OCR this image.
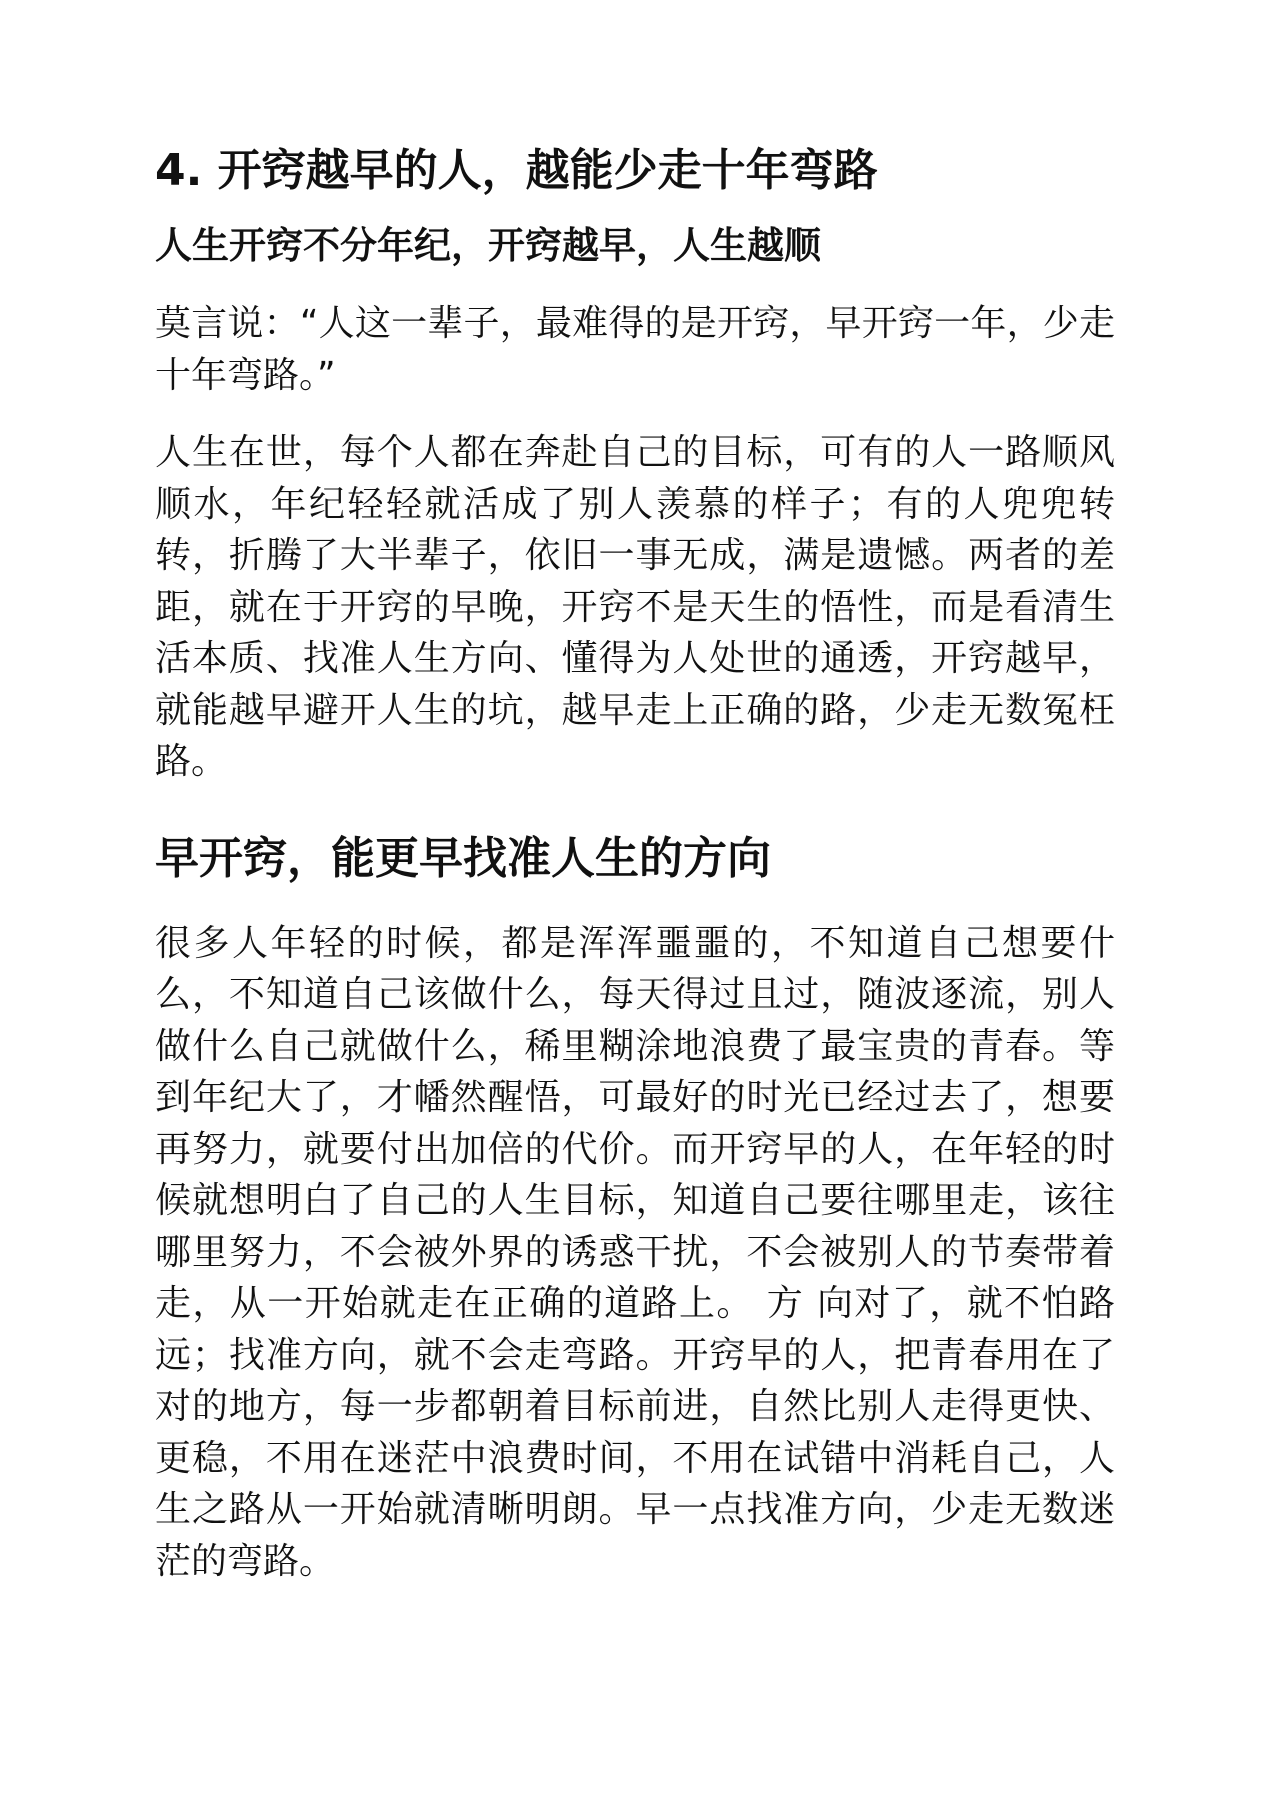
4. 开窍越早的人，越能少走十年弯路
人生开窍不分年纪，开窍越早，人生越顺

莫言说：“人这一辈子，最难得的是开窍，早开窍一年，少走十年弯路。”

人生在世，每个人都在奔赴自己的目标，可有的人一路顺风顺水，年纪轻轻就活成了别人羡慕的样子；有的人兜兜转转，折腾了大半辈子，依旧一事无成，满是遗憾。两者的差距，就在于开窍的早晚，开窍不是天生的悟性，而是看清生活本质、找准人生方向、懂得为人处世的通透，开窍越早，就能越早避开人生的坑，越早走上正确的路，少走无数冤枉路。

早开窍，能更早找准人生的方向

很多人年轻的时候，都是浑浑噩噩的，不知道自己想要什么，不知道自己该做什么，每天得过且过，随波逐流，别人做什么自己就做什么，稀里糊涂地浪费了最宝贵的青春。等到年纪大了，才幡然醒悟，可最好的时光已经过去了，想要再努力，就要付出加倍的代价。而开窍早的人，在年轻的时候就想明白了自己的人生目标，知道自己要往哪里走，该往哪里努力，不会被外界的诱惑干扰，不会被别人的节奏带着走，从一开始就走在正确的道路上。 方 向对了，就不怕路远；找准方向，就不会走弯路。开窍早的人，把青春用在了对的地方，每一步都朝着目标前进，自然比别人走得更快、更稳，不用在迷茫中浪费时间，不用在试错中消耗自己，人生之路从一开始就清晰明朗。早一点找准方向，少走无数迷茫的弯路。
